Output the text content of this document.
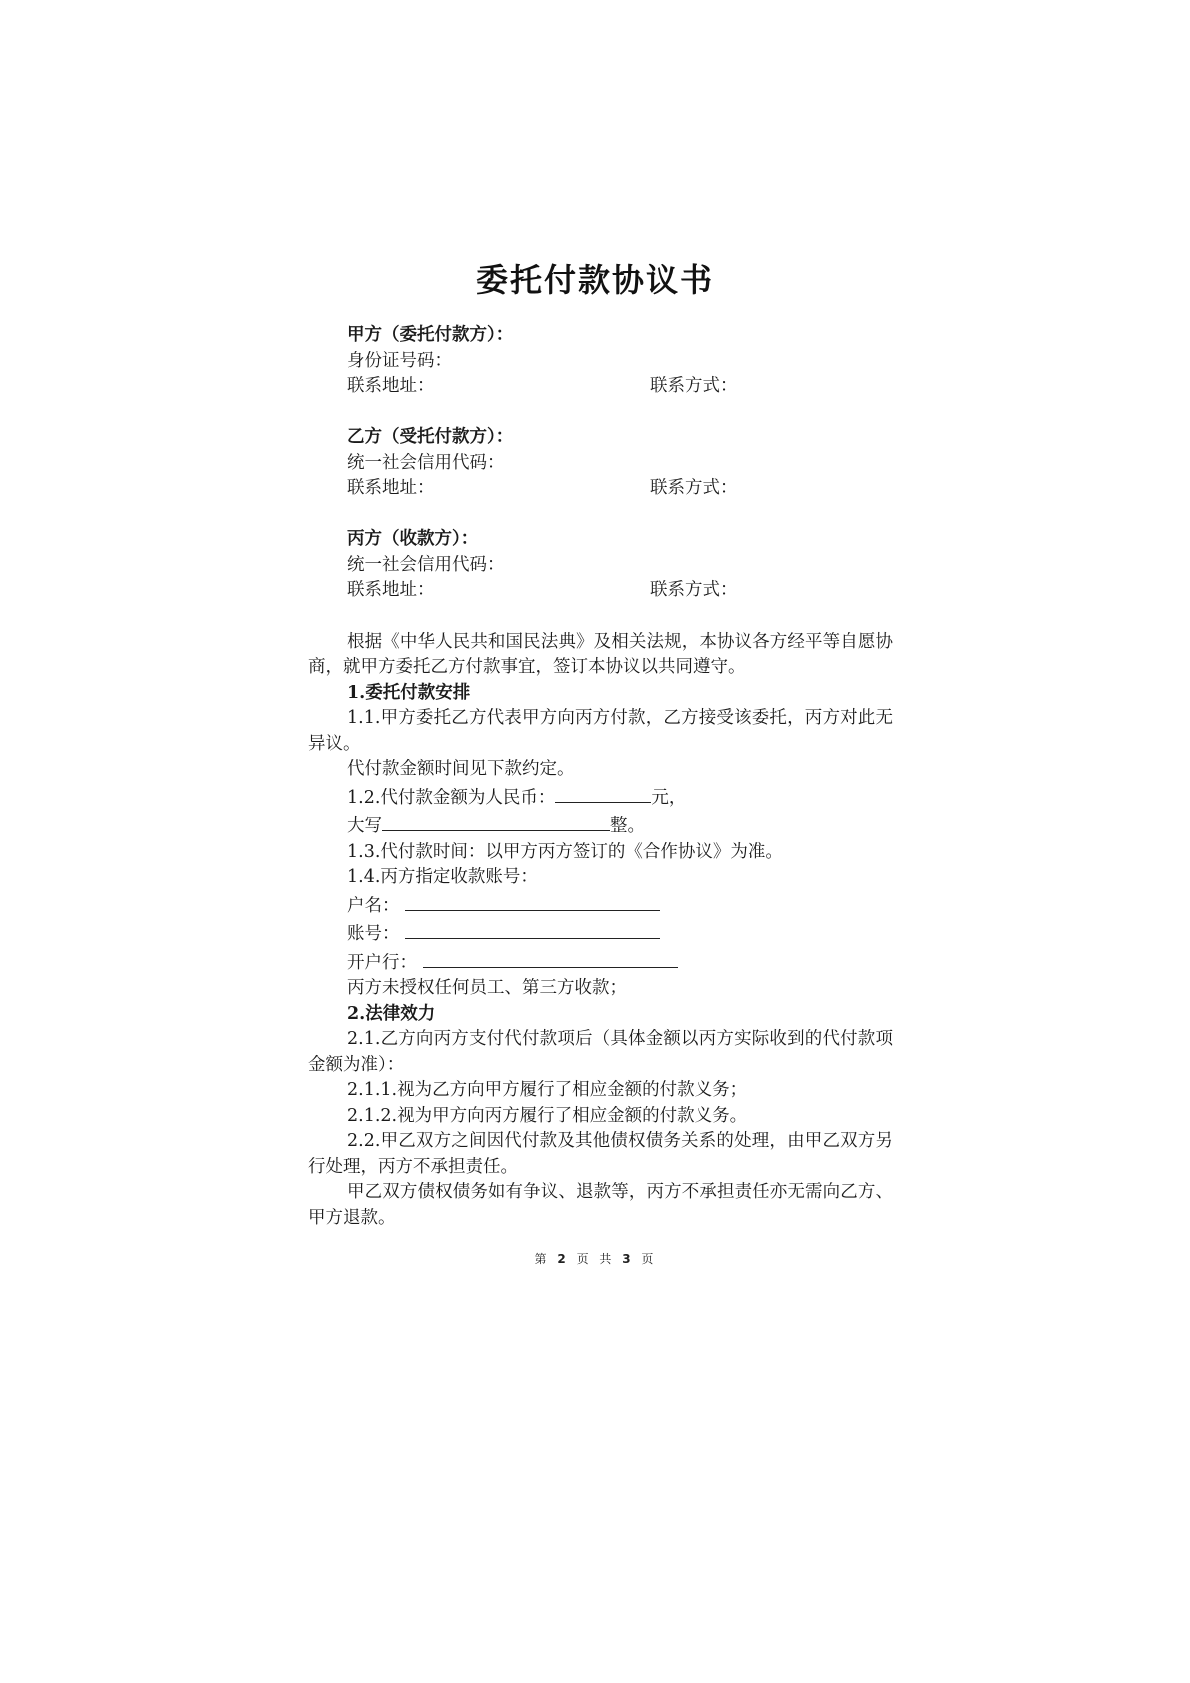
委托付款协议书
甲方（委托付款方）：
身份证号码：
联系地址：	联系方式：
乙方（受托付款方）：
统一社会信用代码：
联系地址：	联系方式：
丙方（收款方）：
统一社会信用代码：
联系地址：	联系方式：

根据《中华人民共和国民法典》及相关法规，本协议各方经平等自愿协商，就甲方委托乙方付款事宜，签订本协议以共同遵守。

1.委托付款安排

1.1.甲方委托乙方代表甲方向丙方付款，乙方接受该委托，丙方对此无异议。

代付款金额时间见下款约定。

1.2.代付款金额为人民币：	元，

大写	整。

1.3.代付款时间：以甲方丙方签订的《合作协议》为准。

1.4.丙方指定收款账号：

户名：

账号：

开户行：

丙方未授权任何员工、第三方收款；

2.法律效力

2.1.乙方向丙方支付代付款项后（具体金额以丙方实际收到的代付款项金额为准）：

2.1.1.视为乙方向甲方履行了相应金额的付款义务；

2.1.2.视为甲方向丙方履行了相应金额的付款义务。

2.2.甲乙双方之间因代付款及其他债权债务关系的处理，由甲乙双方另行处理，丙方不承担责任。

甲乙双方债权债务如有争议、退款等，丙方不承担责任亦无需向乙方、甲方退款。

第 2 页 共 3 页
